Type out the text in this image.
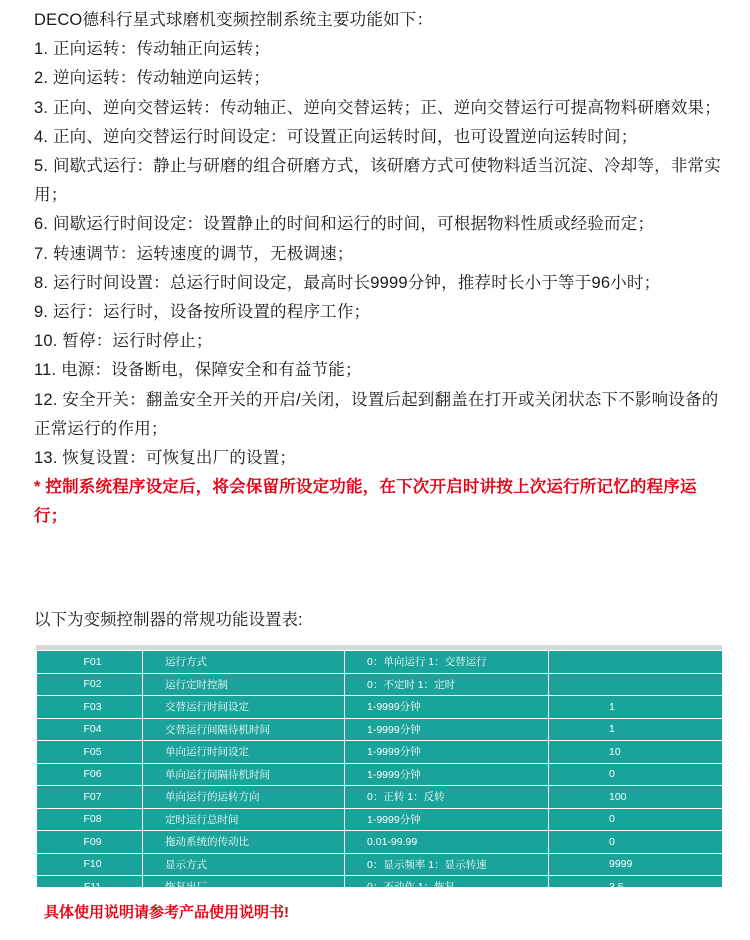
DECO德科行星式球磨机变频控制系统主要功能如下：

1. 正向运转：传动轴正向运转；

2. 逆向运转：传动轴逆向运转；

3. 正向、逆向交替运转：传动轴正、逆向交替运转；正、逆向交替运行可提高物料研磨效果；

4. 正向、逆向交替运行时间设定：可设置正向运转时间，也可设置逆向运转时间；

5. 间歇式运行：静止与研磨的组合研磨方式，该研磨方式可使物料适当沉淀、冷却等，非常实用；

6. 间歇运行时间设定：设置静止的时间和运行的时间，可根据物料性质或经验而定；

7. 转速调节：运转速度的调节，无极调速；

8. 运行时间设置：总运行时间设定，最高时长9999分钟，推荐时长小于等于96小时；

9. 运行：运行时，设备按所设置的程序工作；

10. 暂停：运行时停止；

11. 电源：设备断电，保障安全和有益节能；

12. 安全开关：翻盖安全开关的开启/关闭，设置后起到翻盖在打开或关闭状态下不影响设备的正常运行的作用；

13. 恢复设置：可恢复出厂的设置；

* 控制系统程序设定后，将会保留所设定功能，在下次开启时讲按上次运行所记忆的程序运行；

以下为变频控制器的常规功能设置表:
F01	运行方式	0：单向运行 1：交替运行	
F02	运行定时控制	0：不定时 1：定时	
F03	交替运行时间设定	1-9999分钟	1
F04	交替运行间隔待机时间	1-9999分钟	1
F05	单向运行时间设定	1-9999分钟	10
F06	单向运行间隔待机时间	1-9999分钟	0
F07	单向运行的运转方向	0：正转 1：反转	100
F08	定时运行总时间	1-9999分钟	0
F09	拖动系统的传动比	0.01-99.99	0
F10	显示方式	0：显示频率 1：显示转速	9999
F11	恢复出厂	0：不动作 1：恢复	3.5
具体使用说明请参考产品使用说明书!
